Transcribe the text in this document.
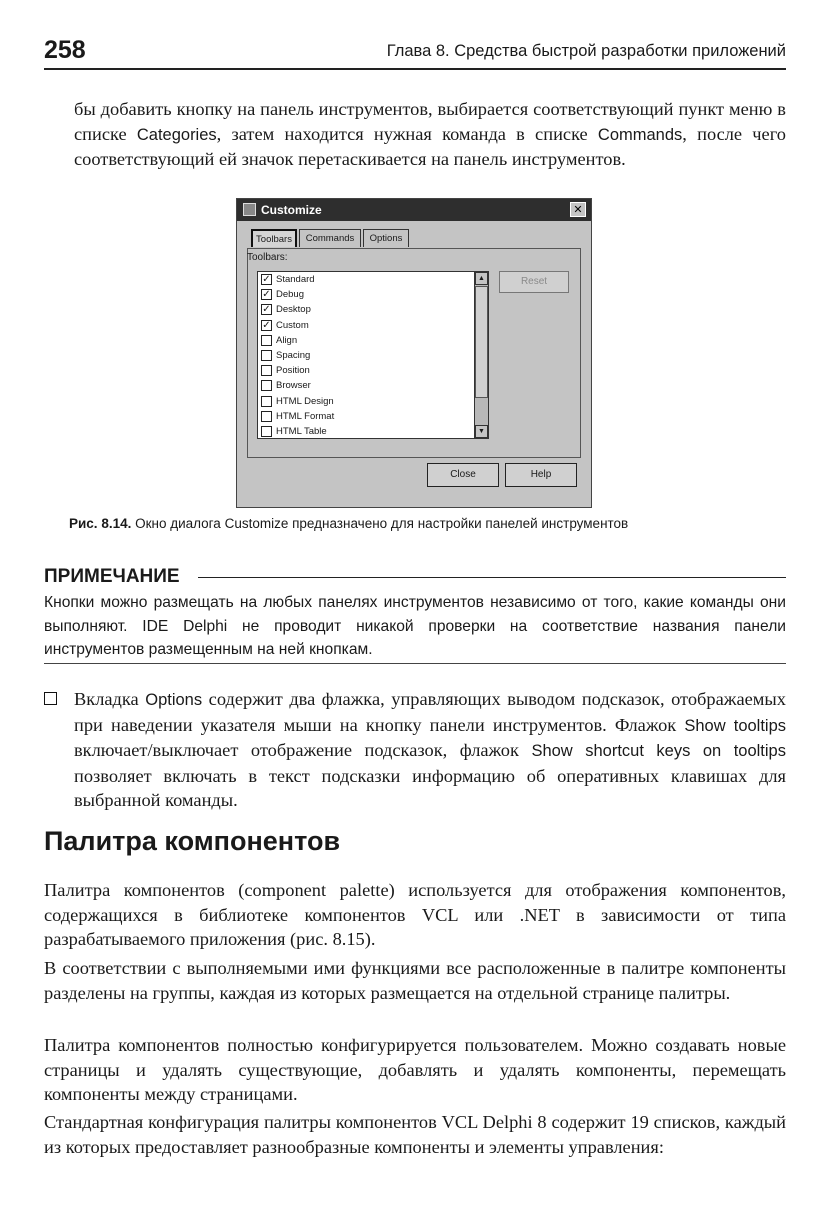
258	Глава 8. Средства быстрой разработки приложений

бы добавить кнопку на панель инструментов, выбирается соответствующий пункт меню в списке Categories, затем находится нужная команда в списке Commands, после чего соответствующий ей значок перетаскивается на панель инструментов.

Customize	✕
Toolbars	Commands	Options
Toolbars:
✓ Standard
✓ Debug
✓ Desktop
✓ Custom
Align
Spacing
Position
Browser
HTML Design
HTML Format
HTML Table
▲
▼
Reset
Close	Help
Рис. 8.14. Окно диалога Customize предназначено для настройки панелей инструментов
ПРИМЕЧАНИЕ

Кнопки можно размещать на любых панелях инструментов независимо от того, какие команды они выполняют. IDE Delphi не проводит никакой проверки на соответствие названия панели инструментов размещенным на ней кнопкам.

Вкладка Options содержит два флажка, управляющих выводом подсказок, отображаемых при наведении указателя мыши на кнопку панели инструментов. Флажок Show tooltips включает/выключает отображение подсказок, флажок Show shortcut keys on tooltips позволяет включать в текст подсказки информацию об оперативных клавишах для выбранной команды.

Палитра компонентов

Палитра компонентов (component palette) используется для отображения компонентов, содержащихся в библиотеке компонентов VCL или .NET в зависимости от типа разрабатываемого приложения (рис. 8.15).

В соответствии с выполняемыми ими функциями все расположенные в палитре компоненты разделены на группы, каждая из которых размещается на отдельной странице палитры.

Палитра компонентов полностью конфигурируется пользователем. Можно создавать новые страницы и удалять существующие, добавлять и удалять компоненты, перемещать компоненты между страницами.

Стандартная конфигурация палитры компонентов VCL Delphi 8 содержит 19 списков, каждый из которых предоставляет разнообразные компоненты и элементы управления:
